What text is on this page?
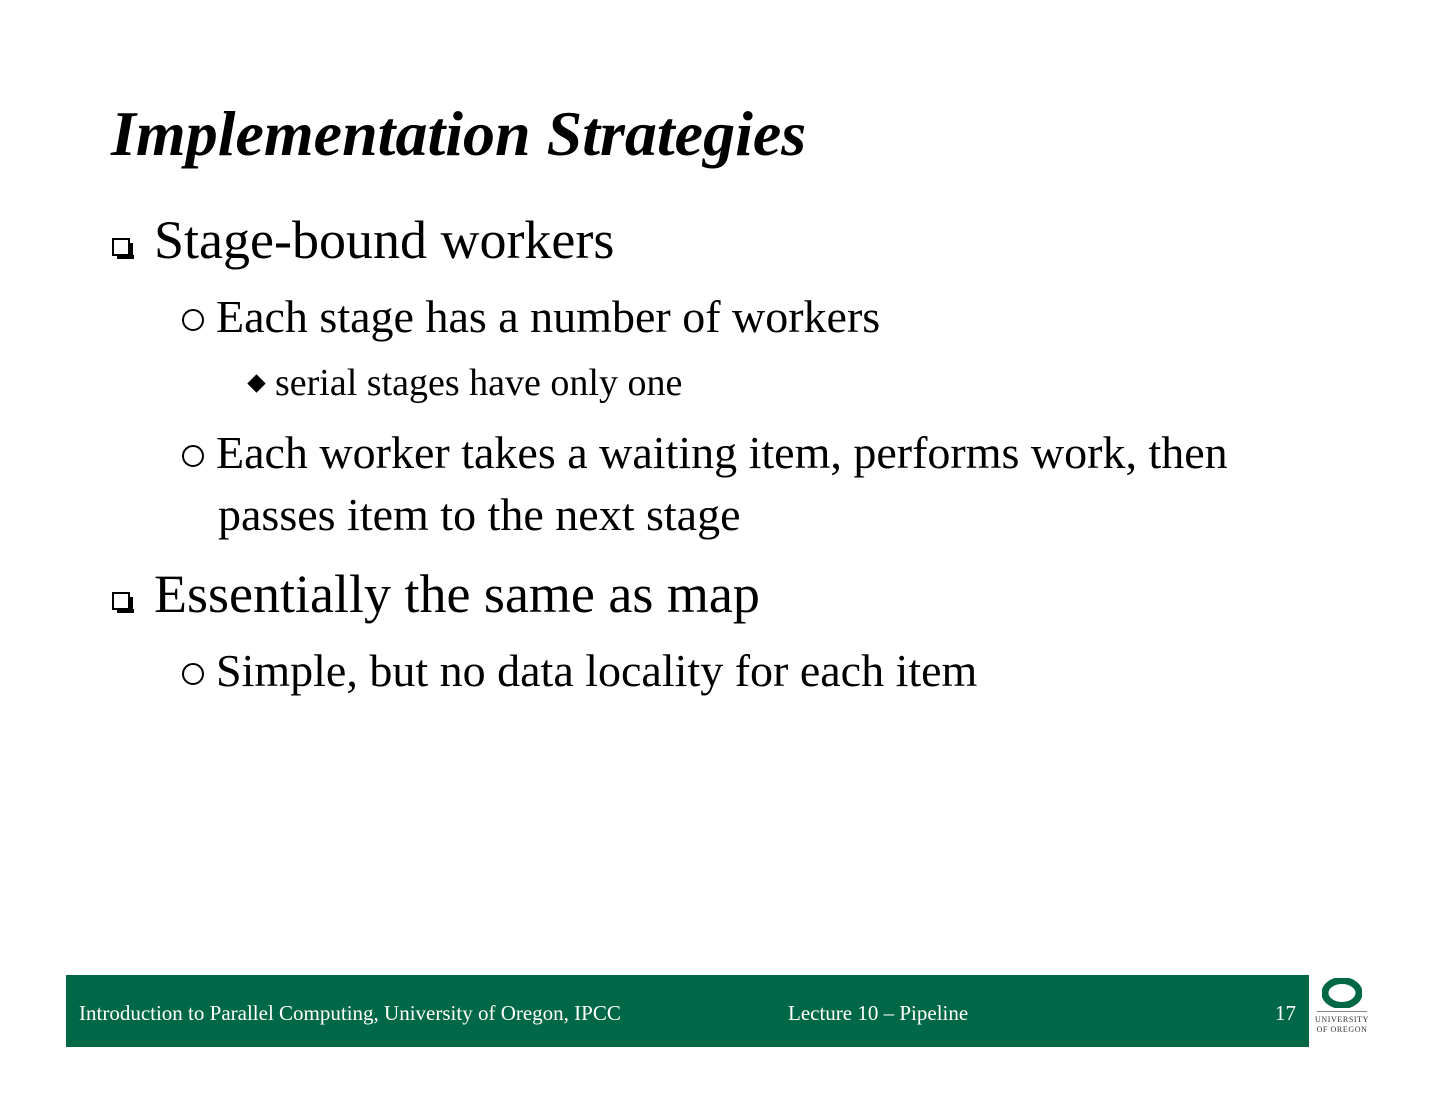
Implementation Strategies
Stage-bound workers
Each stage has a number of workers
serial stages have only one
Each worker takes a waiting item, performs work, then
passes item to the next stage
Essentially the same as map
Simple, but no data locality for each item
Introduction to Parallel Computing, University of Oregon, IPCC	Lecture 10 – Pipeline	17 UNIVERSITY
OF OREGON
